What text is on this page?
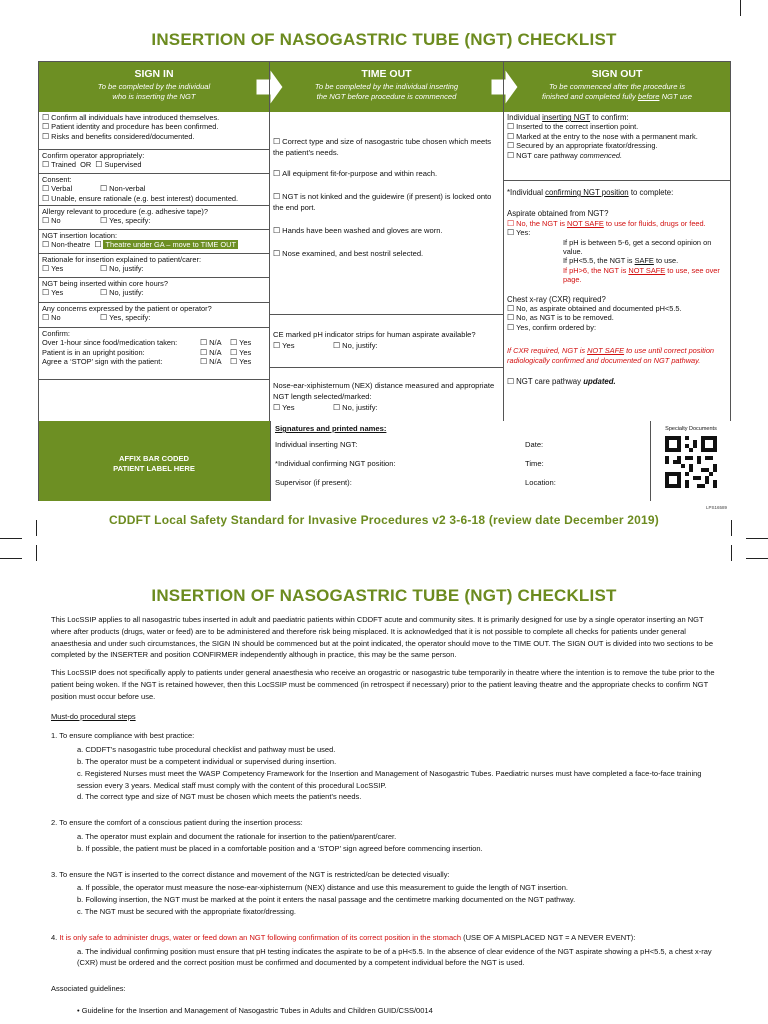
INSERTION OF NASOGASTRIC TUBE (NGT) CHECKLIST
SIGN IN
To be completed by the individual
who is inserting the NGT
TIME OUT
To be completed by the individual inserting
the NGT before procedure is commenced
SIGN OUT
To be commenced after the procedure is
finished and completed fully before NGT use
☐ Confirm all individuals have introduced themselves.
☐ Patient identity and procedure has been confirmed.
☐ Risks and benefits considered/documented.
Confirm operator appropriately:
☐ Trained OR ☐ Supervised
Consent:
☐ Verbal	☐ Non-verbal
☐ Unable, ensure rationale (e.g. best interest) documented.
Allergy relevant to procedure (e.g. adhesive tape)?
☐ No	☐ Yes, specify:
NGT insertion location:
☐ Non-theatre ☐ Theatre under GA – move to TIME OUT
Rationale for insertion explained to patient/carer:
☐ Yes	☐ No, justify:
NGT being inserted within core hours?
☐ Yes	☐ No, justify:
Any concerns expressed by the patient or operator?
☐ No	☐ Yes, specify:
Confirm:
Over 1-hour since food/medication taken:	☐ N/A ☐ Yes
Patient is in an upright position:	☐ N/A ☐ Yes
Agree a ‘STOP’ sign with the patient:	☐ N/A ☐ Yes
☐ Correct type and size of nasogastric tube chosen which meets the patient’s needs.
☐ All equipment fit-for-purpose and within reach.
☐ NGT is not kinked and the guidewire (if present) is locked onto the end port.
☐ Hands have been washed and gloves are worn.
☐ Nose examined, and best nostril selected.
CE marked pH indicator strips for human aspirate available?
☐ Yes	☐ No, justify:
Nose-ear-xiphisternum (NEX) distance measured and appropriate NGT length selected/marked:
☐ Yes	☐ No, justify:
Individual inserting NGT to confirm:
☐ Inserted to the correct insertion point.
☐ Marked at the entry to the nose with a permanent mark.
☐ Secured by an appropriate fixator/dressing.
☐ NGT care pathway commenced.
*Individual confirming NGT position to complete:
Aspirate obtained from NGT?
☐ No, the NGT is NOT SAFE to use for fluids, drugs or feed.
☐ Yes:
If pH is between 5-6, get a second opinion on value.
If pH<5.5, the NGT is SAFE to use.
If pH>6, the NGT is NOT SAFE to use, see over page.
Chest x-ray (CXR) required?
☐ No, as aspirate obtained and documented pH<5.5.
☐ No, as NGT is to be removed.
☐ Yes, confirm ordered by:
If CXR required, NGT is NOT SAFE to use until correct position radiologically confirmed and documented on NGT pathway.
☐ NGT care pathway updated.
AFFIX BAR CODED
PATIENT LABEL HERE
Signatures and printed names:
Individual inserting NGT:	Date:
*Individual confirming NGT position:	Time:
Supervisor (if present):	Location:
Specialty Documents
CDDFT Local Safety Standard for Invasive Procedures v2 3-6-18 (review date December 2019)
LPS16589
INSERTION OF NASOGASTRIC TUBE (NGT) CHECKLIST

This LocSSIP applies to all nasogastric tubes inserted in adult and paediatric patients within CDDFT acute and community sites. It is primarily designed for use by a single operator inserting an NGT where after products (drugs, water or feed) are to be administered and therefore risk being misplaced. It is acknowledged that it is not possible to complete all checks for patients under general anaesthesia and under such circumstances, the SIGN IN should be commenced but at the point indicated, the operator should move to the TIME OUT. The SIGN OUT is divided into two sections to be completed by the INSERTER and position CONFIRMER independently although in practice, this may be the same person.

This LocSSIP does not specifically apply to patients under general anaesthesia who receive an orogastric or nasogastric tube temporarily in theatre where the intention is to remove the tube prior to the patient being woken. If the NGT is retained however, then this LocSSIP must be commenced (in retrospect if necessary) prior to the patient leaving theatre and the appropriate checks to confirm NGT position must occur before use.

Must-do procedural steps
1. To ensure compliance with best practice:
a. CDDFT’s nasogastric tube procedural checklist and pathway must be used.
b. The operator must be a competent individual or supervised during insertion.
c. Registered Nurses must meet the WASP Competency Framework for the Insertion and Management of Nasogastric Tubes. Paediatric nurses must have completed a face-to-face training session every 3 years. Medical staff must comply with the content of this procedural LocSSIP.
d. The correct type and size of NGT must be chosen which meets the patient’s needs.
2. To ensure the comfort of a conscious patient during the insertion process:
a. The operator must explain and document the rationale for insertion to the patient/parent/carer.
b. If possible, the patient must be placed in a comfortable position and a ‘STOP’ sign agreed before commencing insertion.
3. To ensure the NGT is inserted to the correct distance and movement of the NGT is restricted/can be detected visually:
a. If possible, the operator must measure the nose-ear-xiphisternum (NEX) distance and use this measurement to guide the length of NGT insertion.
b. Following insertion, the NGT must be marked at the point it enters the nasal passage and the centimetre marking documented on the NGT pathway.
c. The NGT must be secured with the appropriate fixator/dressing.
4. It is only safe to administer drugs, water or feed down an NGT following confirmation of its correct position in the stomach (USE OF A MISPLACED NGT = A NEVER EVENT):
a. The individual confirming position must ensure that pH testing indicates the aspirate to be of a pH<5.5. In the absence of clear evidence of the NGT aspirate showing a pH<5.5, a chest x-ray (CXR) must be ordered and the correct position must be confirmed and documented by a competent individual before the NGT is used.
Associated guidelines:
• Guideline for the Insertion and Management of Nasogastric Tubes in Adults and Children GUID/CSS/0014
